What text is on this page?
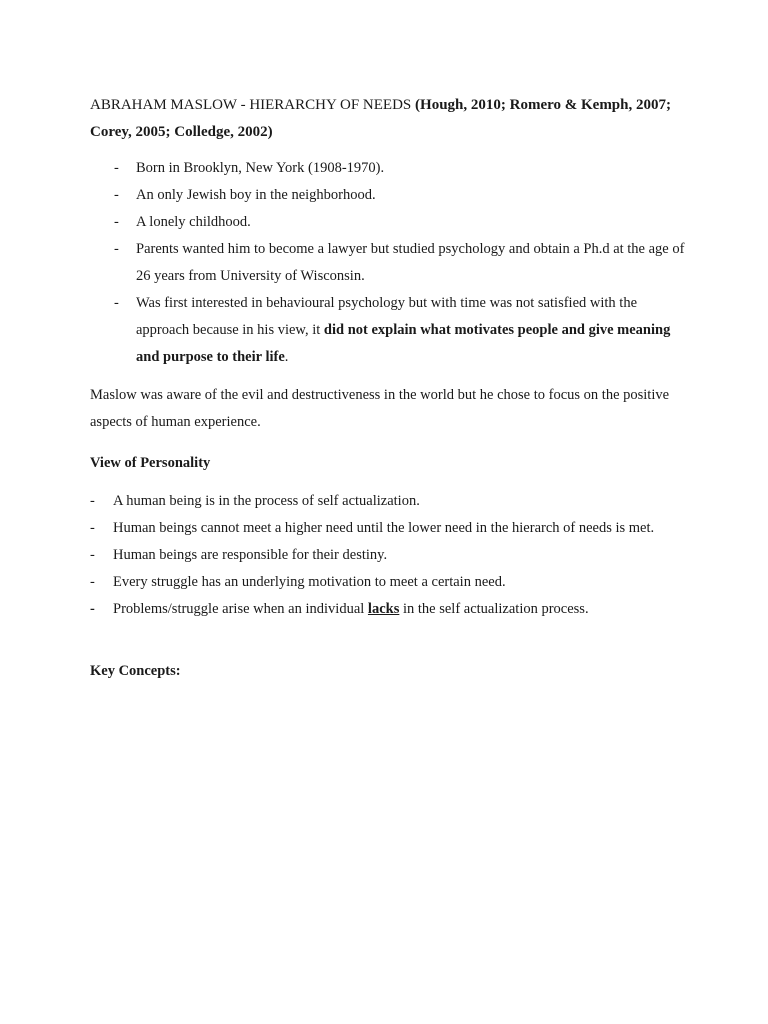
ABRAHAM MASLOW - HIERARCHY OF NEEDS (Hough, 2010; Romero & Kemph, 2007; Corey, 2005; Colledge, 2002)

- Born in Brooklyn, New York (1908-1970).
- An only Jewish boy in the neighborhood.
- A lonely childhood.
- Parents wanted him to become a lawyer but studied psychology and obtain a Ph.d at the age of 26 years from University of Wisconsin.
- Was first interested in behavioural psychology but with time was not satisfied with the approach because in his view, it did not explain what motivates people and give meaning and purpose to their life.

Maslow was aware of the evil and destructiveness in the world but he chose to focus on the positive aspects of human experience.

View of Personality

- A human being is in the process of self actualization.
- Human beings cannot meet a higher need until the lower need in the hierarch of needs is met.
- Human beings are responsible for their destiny.
- Every struggle has an underlying motivation to meet a certain need.
- Problems/struggle arise when an individual lacks in the self actualization process.

Key Concepts:
